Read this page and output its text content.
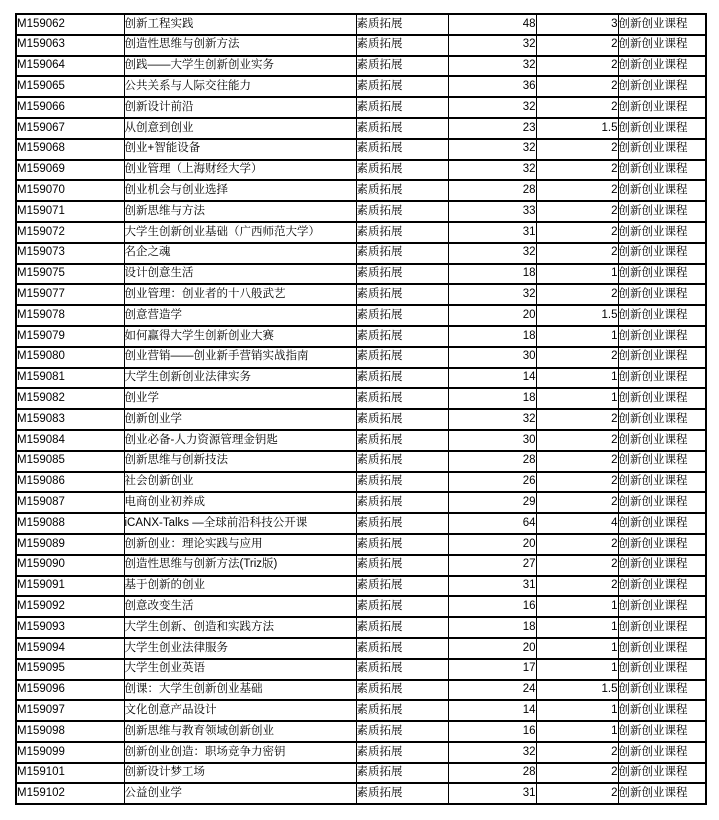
M159062	创新工程实践	素质拓展	48	3	创新创业课程
M159063	创造性思维与创新方法	素质拓展	32	2	创新创业课程
M159064	创践——大学生创新创业实务	素质拓展	32	2	创新创业课程
M159065	公共关系与人际交往能力	素质拓展	36	2	创新创业课程
M159066	创新设计前沿	素质拓展	32	2	创新创业课程
M159067	从创意到创业	素质拓展	23	1.5	创新创业课程
M159068	创业+智能设备	素质拓展	32	2	创新创业课程
M159069	创业管理（上海财经大学）	素质拓展	32	2	创新创业课程
M159070	创业机会与创业选择	素质拓展	28	2	创新创业课程
M159071	创新思维与方法	素质拓展	33	2	创新创业课程
M159072	大学生创新创业基础（广西师范大学）	素质拓展	31	2	创新创业课程
M159073	名企之魂	素质拓展	32	2	创新创业课程
M159075	设计创意生活	素质拓展	18	1	创新创业课程
M159077	创业管理：创业者的十八般武艺	素质拓展	32	2	创新创业课程
M159078	创意营造学	素质拓展	20	1.5	创新创业课程
M159079	如何赢得大学生创新创业大赛	素质拓展	18	1	创新创业课程
M159080	创业营销——创业新手营销实战指南	素质拓展	30	2	创新创业课程
M159081	大学生创新创业法律实务	素质拓展	14	1	创新创业课程
M159082	创业学	素质拓展	18	1	创新创业课程
M159083	创新创业学	素质拓展	32	2	创新创业课程
M159084	创业必备-人力资源管理金钥匙	素质拓展	30	2	创新创业课程
M159085	创新思维与创新技法	素质拓展	28	2	创新创业课程
M159086	社会创新创业	素质拓展	26	2	创新创业课程
M159087	电商创业初养成	素质拓展	29	2	创新创业课程
M159088	iCANX-Talks —全球前沿科技公开课	素质拓展	64	4	创新创业课程
M159089	创新创业：理论实践与应用	素质拓展	20	2	创新创业课程
M159090	创造性思维与创新方法(Triz版)	素质拓展	27	2	创新创业课程
M159091	基于创新的创业	素质拓展	31	2	创新创业课程
M159092	创意改变生活	素质拓展	16	1	创新创业课程
M159093	大学生创新、创造和实践方法	素质拓展	18	1	创新创业课程
M159094	大学生创业法律服务	素质拓展	20	1	创新创业课程
M159095	大学生创业英语	素质拓展	17	1	创新创业课程
M159096	创课：大学生创新创业基础	素质拓展	24	1.5	创新创业课程
M159097	文化创意产品设计	素质拓展	14	1	创新创业课程
M159098	创新思维与教育领域创新创业	素质拓展	16	1	创新创业课程
M159099	创新创业创造：职场竞争力密钥	素质拓展	32	2	创新创业课程
M159101	创新设计梦工场	素质拓展	28	2	创新创业课程
M159102	公益创业学	素质拓展	31	2	创新创业课程
